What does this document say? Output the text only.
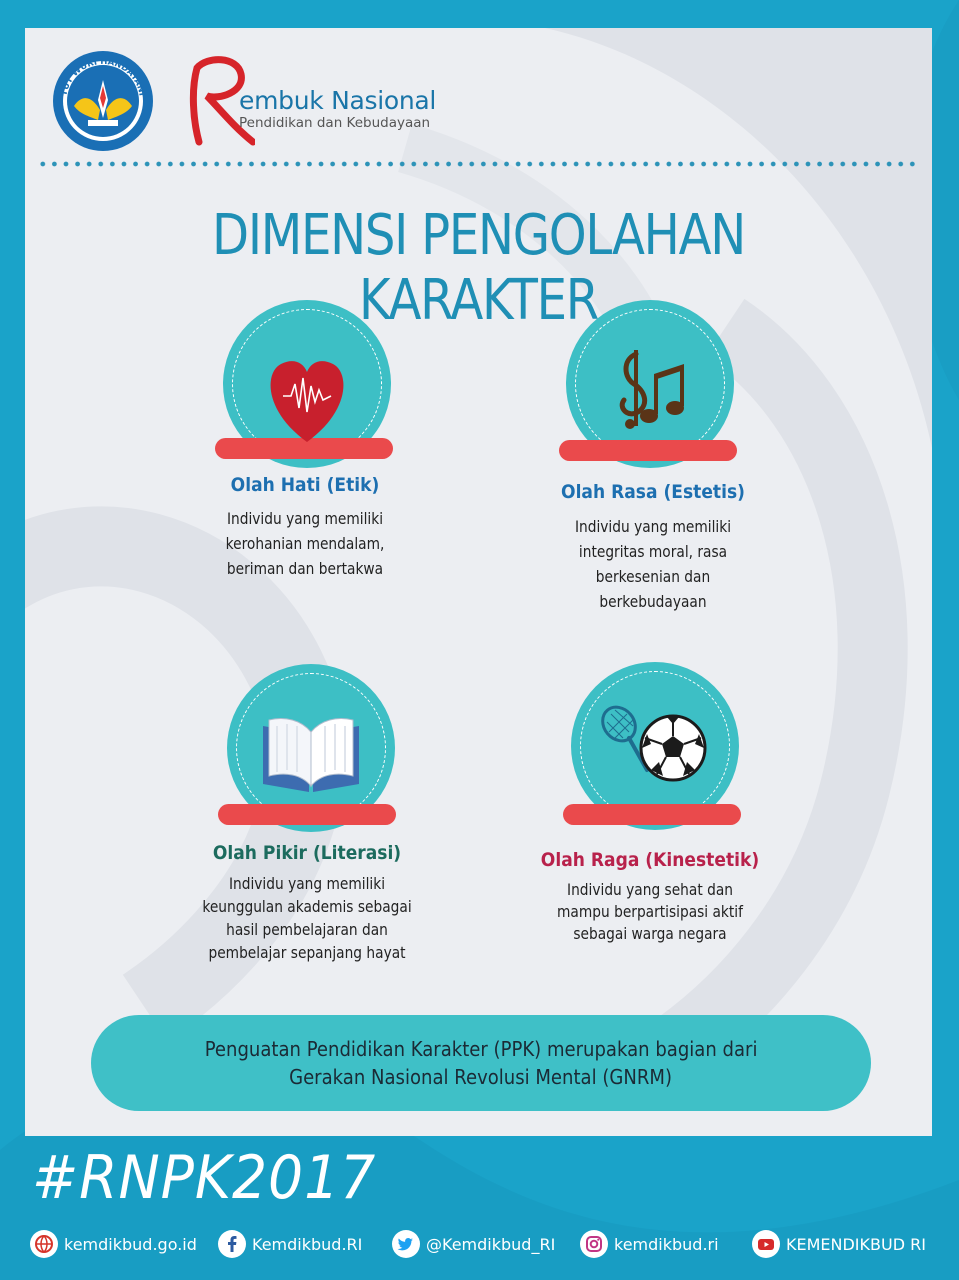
TUT WURI HANDAYANI	embuk Nasional
Pendidikan dan Kebudayaan
DIMENSI PENGOLAHAN KARAKTER
Olah Hati (Etik)
Individu yang memiliki
kerohanian mendalam,
beriman dan bertakwa
Olah Rasa (Estetis)
Individu yang memiliki
integritas moral, rasa
berkesenian dan
berkebudayaan
Olah Pikir (Literasi)
Individu yang memiliki
keunggulan akademis sebagai
hasil pembelajaran dan
pembelajar sepanjang hayat
Olah Raga (Kinestetik)
Individu yang sehat dan
mampu berpartisipasi aktif
sebagai warga negara
Penguatan Pendidikan Karakter (PPK) merupakan bagian dari
Gerakan Nasional Revolusi Mental (GNRM)
#RNPK2017
kemdikbud.go.id	Kemdikbud.RI	@Kemdikbud_RI	kemdikbud.ri	KEMENDIKBUD RI
